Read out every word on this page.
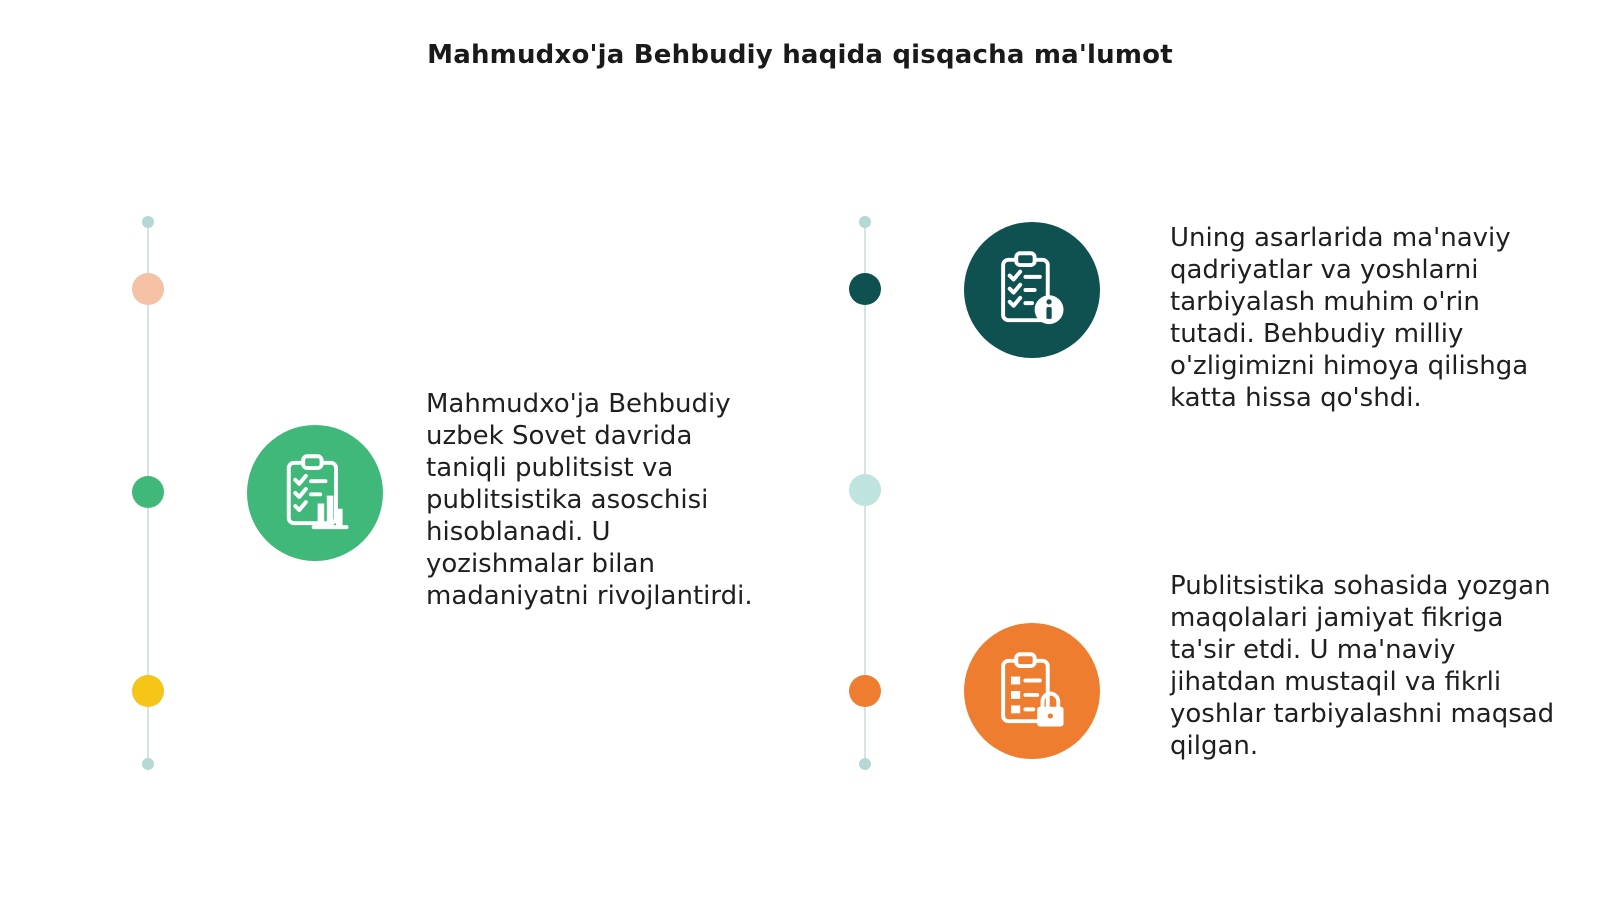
Mahmudxo'ja Behbudiy haqida qisqacha ma'lumot

Mahmudxo'ja Behbudiy uzbek Sovet davrida taniqli publitsist va publitsistika asoschisi hisoblanadi. U yozishmalar bilan madaniyatni rivojlantirdi.

Uning asarlarida ma'naviy qadriyatlar va yoshlarni tarbiyalash muhim o'rin tutadi. Behbudiy milliy o'zligimizni himoya qilishga katta hissa qo'shdi.

Publitsistika sohasida yozgan maqolalari jamiyat fikriga ta'sir etdi. U ma'naviy jihatdan mustaqil va fikrli yoshlar tarbiyalashni maqsad qilgan.
